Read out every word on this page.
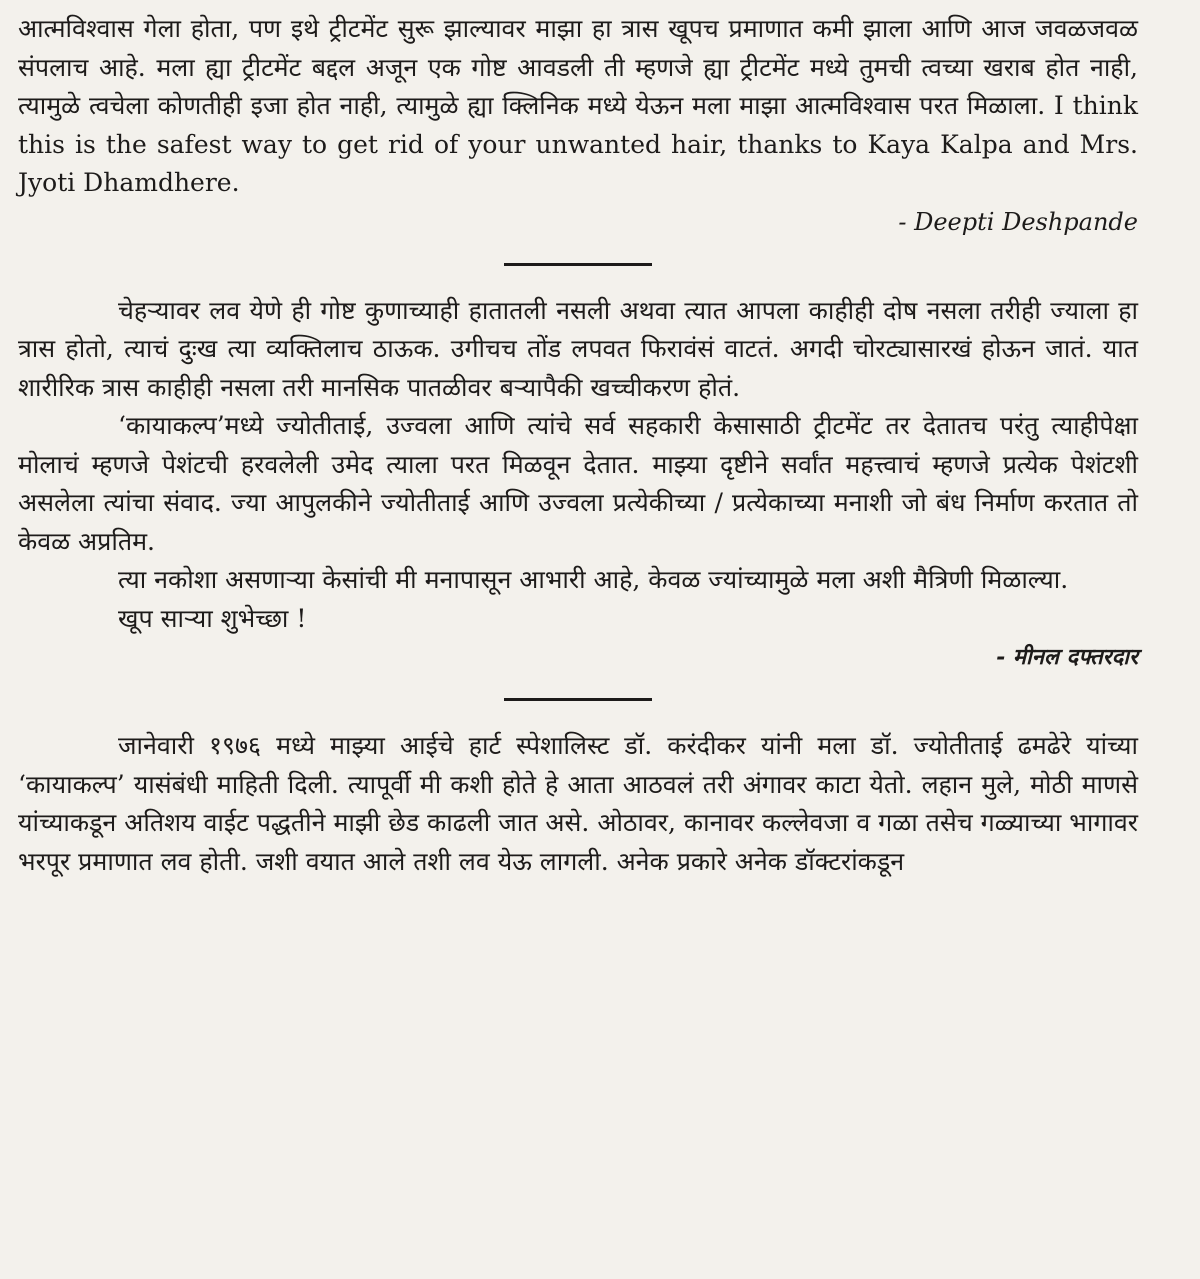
आत्मविश्वास गेला होता, पण इथे ट्रीटमेंट सुरू झाल्यावर माझा हा त्रास खूपच प्रमाणात कमी झाला आणि आज जवळजवळ संपलाच आहे. मला ह्या ट्रीटमेंट बद्दल अजून एक गोष्ट आवडली ती म्हणजे ह्या ट्रीटमेंट मध्ये तुमची त्वच्या खराब होत नाही, त्यामुळे त्वचेला कोणतीही इजा होत नाही, त्यामुळे ह्या क्लिनिक मध्ये येऊन मला माझा आत्मविश्वास परत मिळाला. I think this is the safest way to get rid of your unwanted hair, thanks to Kaya Kalpa and Mrs. Jyoti Dhamdhere.

- Deepti Deshpande

चेहऱ्यावर लव येणे ही गोष्ट कुणाच्याही हातातली नसली अथवा त्यात आपला काहीही दोष नसला तरीही ज्याला हा त्रास होतो, त्याचं दुःख त्या व्यक्तिलाच ठाऊक. उगीचच तोंड लपवत फिरावंसं वाटतं. अगदी चोरट्यासारखं होऊन जातं. यात शारीरिक त्रास काहीही नसला तरी मानसिक पातळीवर बऱ्यापैकी खच्चीकरण होतं.

‘कायाकल्प’मध्ये ज्योतीताई, उज्वला आणि त्यांचे सर्व सहकारी केसासाठी ट्रीटमेंट तर देतातच परंतु त्याहीपेक्षा मोलाचं म्हणजे पेशंटची हरवलेली उमेद त्याला परत मिळवून देतात. माझ्या दृष्टीने सर्वांत महत्त्वाचं म्हणजे प्रत्येक पेशंटशी असलेला त्यांचा संवाद. ज्या आपुलकीने ज्योतीताई आणि उज्वला प्रत्येकीच्या / प्रत्येकाच्या मनाशी जो बंध निर्माण करतात तो केवळ अप्रतिम.

त्या नकोशा असणाऱ्या केसांची मी मनापासून आभारी आहे, केवळ ज्यांच्यामुळे मला अशी मैत्रिणी मिळाल्या.

खूप साऱ्या शुभेच्छा !

- मीनल दफ्तरदार

जानेवारी १९७६ मध्ये माझ्या आईचे हार्ट स्पेशालिस्ट डॉ. करंदीकर यांनी मला डॉ. ज्योतीताई ढमढेरे यांच्या ‘कायाकल्प’ यासंबंधी माहिती दिली. त्यापूर्वी मी कशी होते हे आता आठवलं तरी अंगावर काटा येतो. लहान मुले, मोठी माणसे यांच्याकडून अतिशय वाईट पद्धतीने माझी छेड काढली जात असे. ओठावर, कानावर कल्लेवजा व गळा तसेच गळ्याच्या भागावर भरपूर प्रमाणात लव होती. जशी वयात आले तशी लव येऊ लागली. अनेक प्रकारे अनेक डॉक्टरांकडून
